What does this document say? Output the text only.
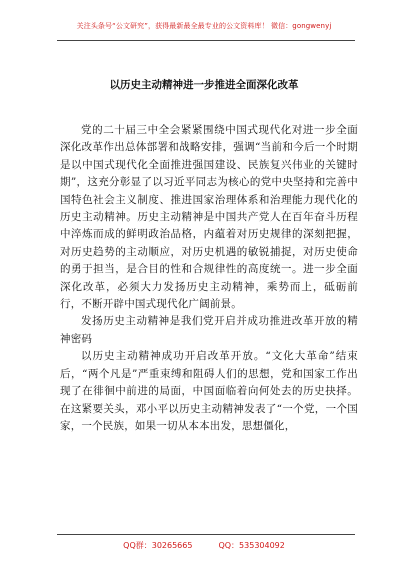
关注头条号“公文研究”，获得最新最全最专业的公文资料库！ 微信：gongwenyj
以历史主动精神进一步推进全面深化改革

党的二十届三中全会紧紧围绕中国式现代化对进一步全面深化改革作出总体部署和战略安排，强调“当前和今后一个时期是以中国式现代化全面推进强国建设、民族复兴伟业的关键时期”，这充分彰显了以习近平同志为核心的党中央坚持和完善中国特色社会主义制度、推进国家治理体系和治理能力现代化的历史主动精神。历史主动精神是中国共产党人在百年奋斗历程中淬炼而成的鲜明政治品格，内蕴着对历史规律的深刻把握，对历史趋势的主动顺应，对历史机遇的敏锐捕捉，对历史使命的勇于担当，是合目的性和合规律性的高度统一。进一步全面深化改革，必须大力发扬历史主动精神，乘势而上，砥砺前行，不断开辟中国式现代化广阔前景。

发扬历史主动精神是我们党开启并成功推进改革开放的精神密码

以历史主动精神成功开启改革开放。“文化大革命”结束后，“两个凡是”严重束缚和阻碍人们的思想，党和国家工作出现了在徘徊中前进的局面，中国面临着向何处去的历史抉择。在这紧要关头，邓小平以历史主动精神发表了“一个党，一个国家，一个民族，如果一切从本本出发，思想僵化，

QQ群：30265665	QQ：535304092
